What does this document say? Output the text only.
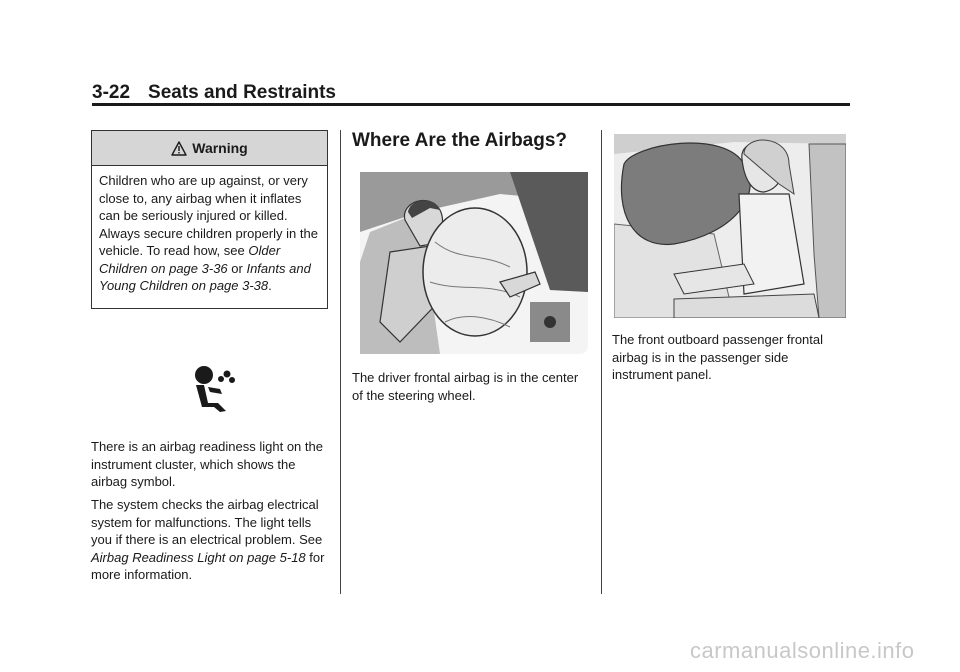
3-22 Seats and Restraints
Warning
Children who are up against, or very close to, any airbag when it inflates can be seriously injured or killed. Always secure children properly in the vehicle. To read how, see Older Children on page 3-36 or Infants and Young Children on page 3-38.

There is an airbag readiness light on the instrument cluster, which shows the airbag symbol.

The system checks the airbag electrical system for malfunctions. The light tells you if there is an electrical problem. See Airbag Readiness Light on page 5-18 for more information.

Where Are the Airbags?

The driver frontal airbag is in the center of the steering wheel.

The front outboard passenger frontal airbag is in the passenger side instrument panel.

carmanualsonline.info
